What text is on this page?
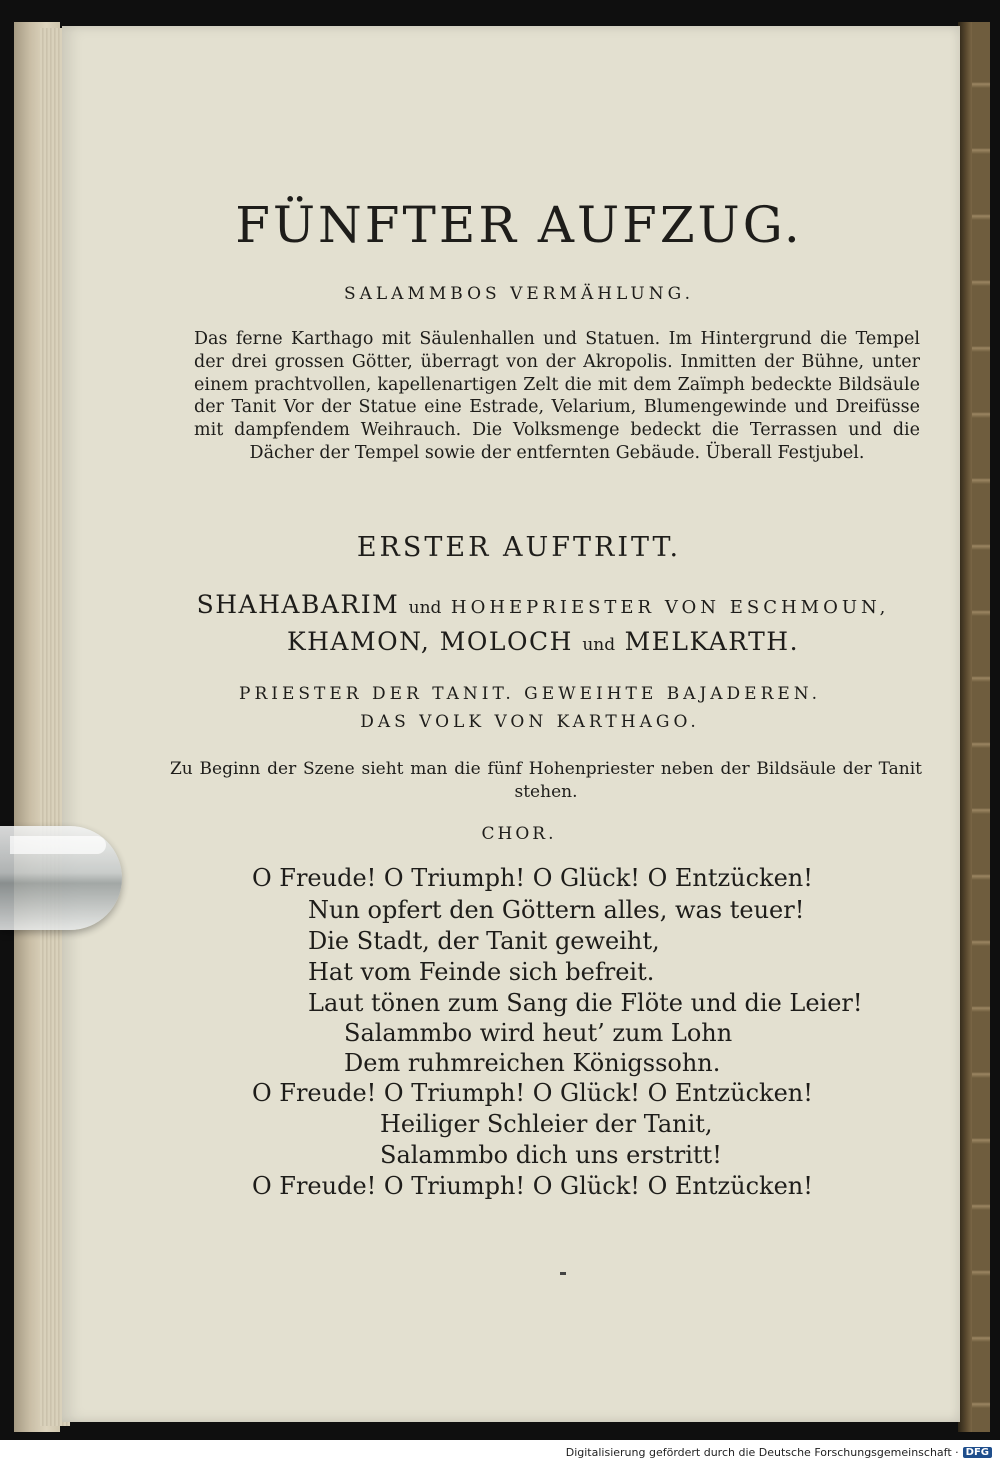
FÜNFTER AUFZUG.
SALAMMBOS VERMÄHLUNG.
Das ferne Karthago mit Säulenhallen und Statuen. Im Hintergrund die Tempel der drei grossen Götter, überragt von der Akropolis. Inmitten der Bühne, unter einem prachtvollen, kapellenartigen Zelt die mit dem Zaïmph bedeckte Bildsäule der Tanit Vor der Statue eine Estrade, Velarium, Blumengewinde und Dreifüsse mit dampfendem Weihrauch. Die Volksmenge bedeckt die Terrassen und die Dächer der Tempel sowie der entfernten Gebäude. Überall Festjubel.
ERSTER AUFTRITT.
SHAHABARIM und HOHEPRIESTER VON ESCHMOUN,
KHAMON, MOLOCH und MELKARTH.
PRIESTER DER TANIT. GEWEIHTE BAJADEREN.
DAS VOLK VON KARTHAGO.
Zu Beginn der Szene sieht man die fünf Hohenpriester neben der Bildsäule der Tanit stehen.
CHOR.
O Freude! O Triumph! O Glück! O Entzücken!
Nun opfert den Göttern alles, was teuer!
Die Stadt, der Tanit geweiht,
Hat vom Feinde sich befreit.
Laut tönen zum Sang die Flöte und die Leier!
Salammbo wird heut’ zum Lohn
Dem ruhmreichen Königssohn.
O Freude! O Triumph! O Glück! O Entzücken!
Heiliger Schleier der Tanit,
Salammbo dich uns erstritt!
O Freude! O Triumph! O Glück! O Entzücken!
Digitalisierung gefördert durch die Deutsche Forschungsgemeinschaft · DFG
